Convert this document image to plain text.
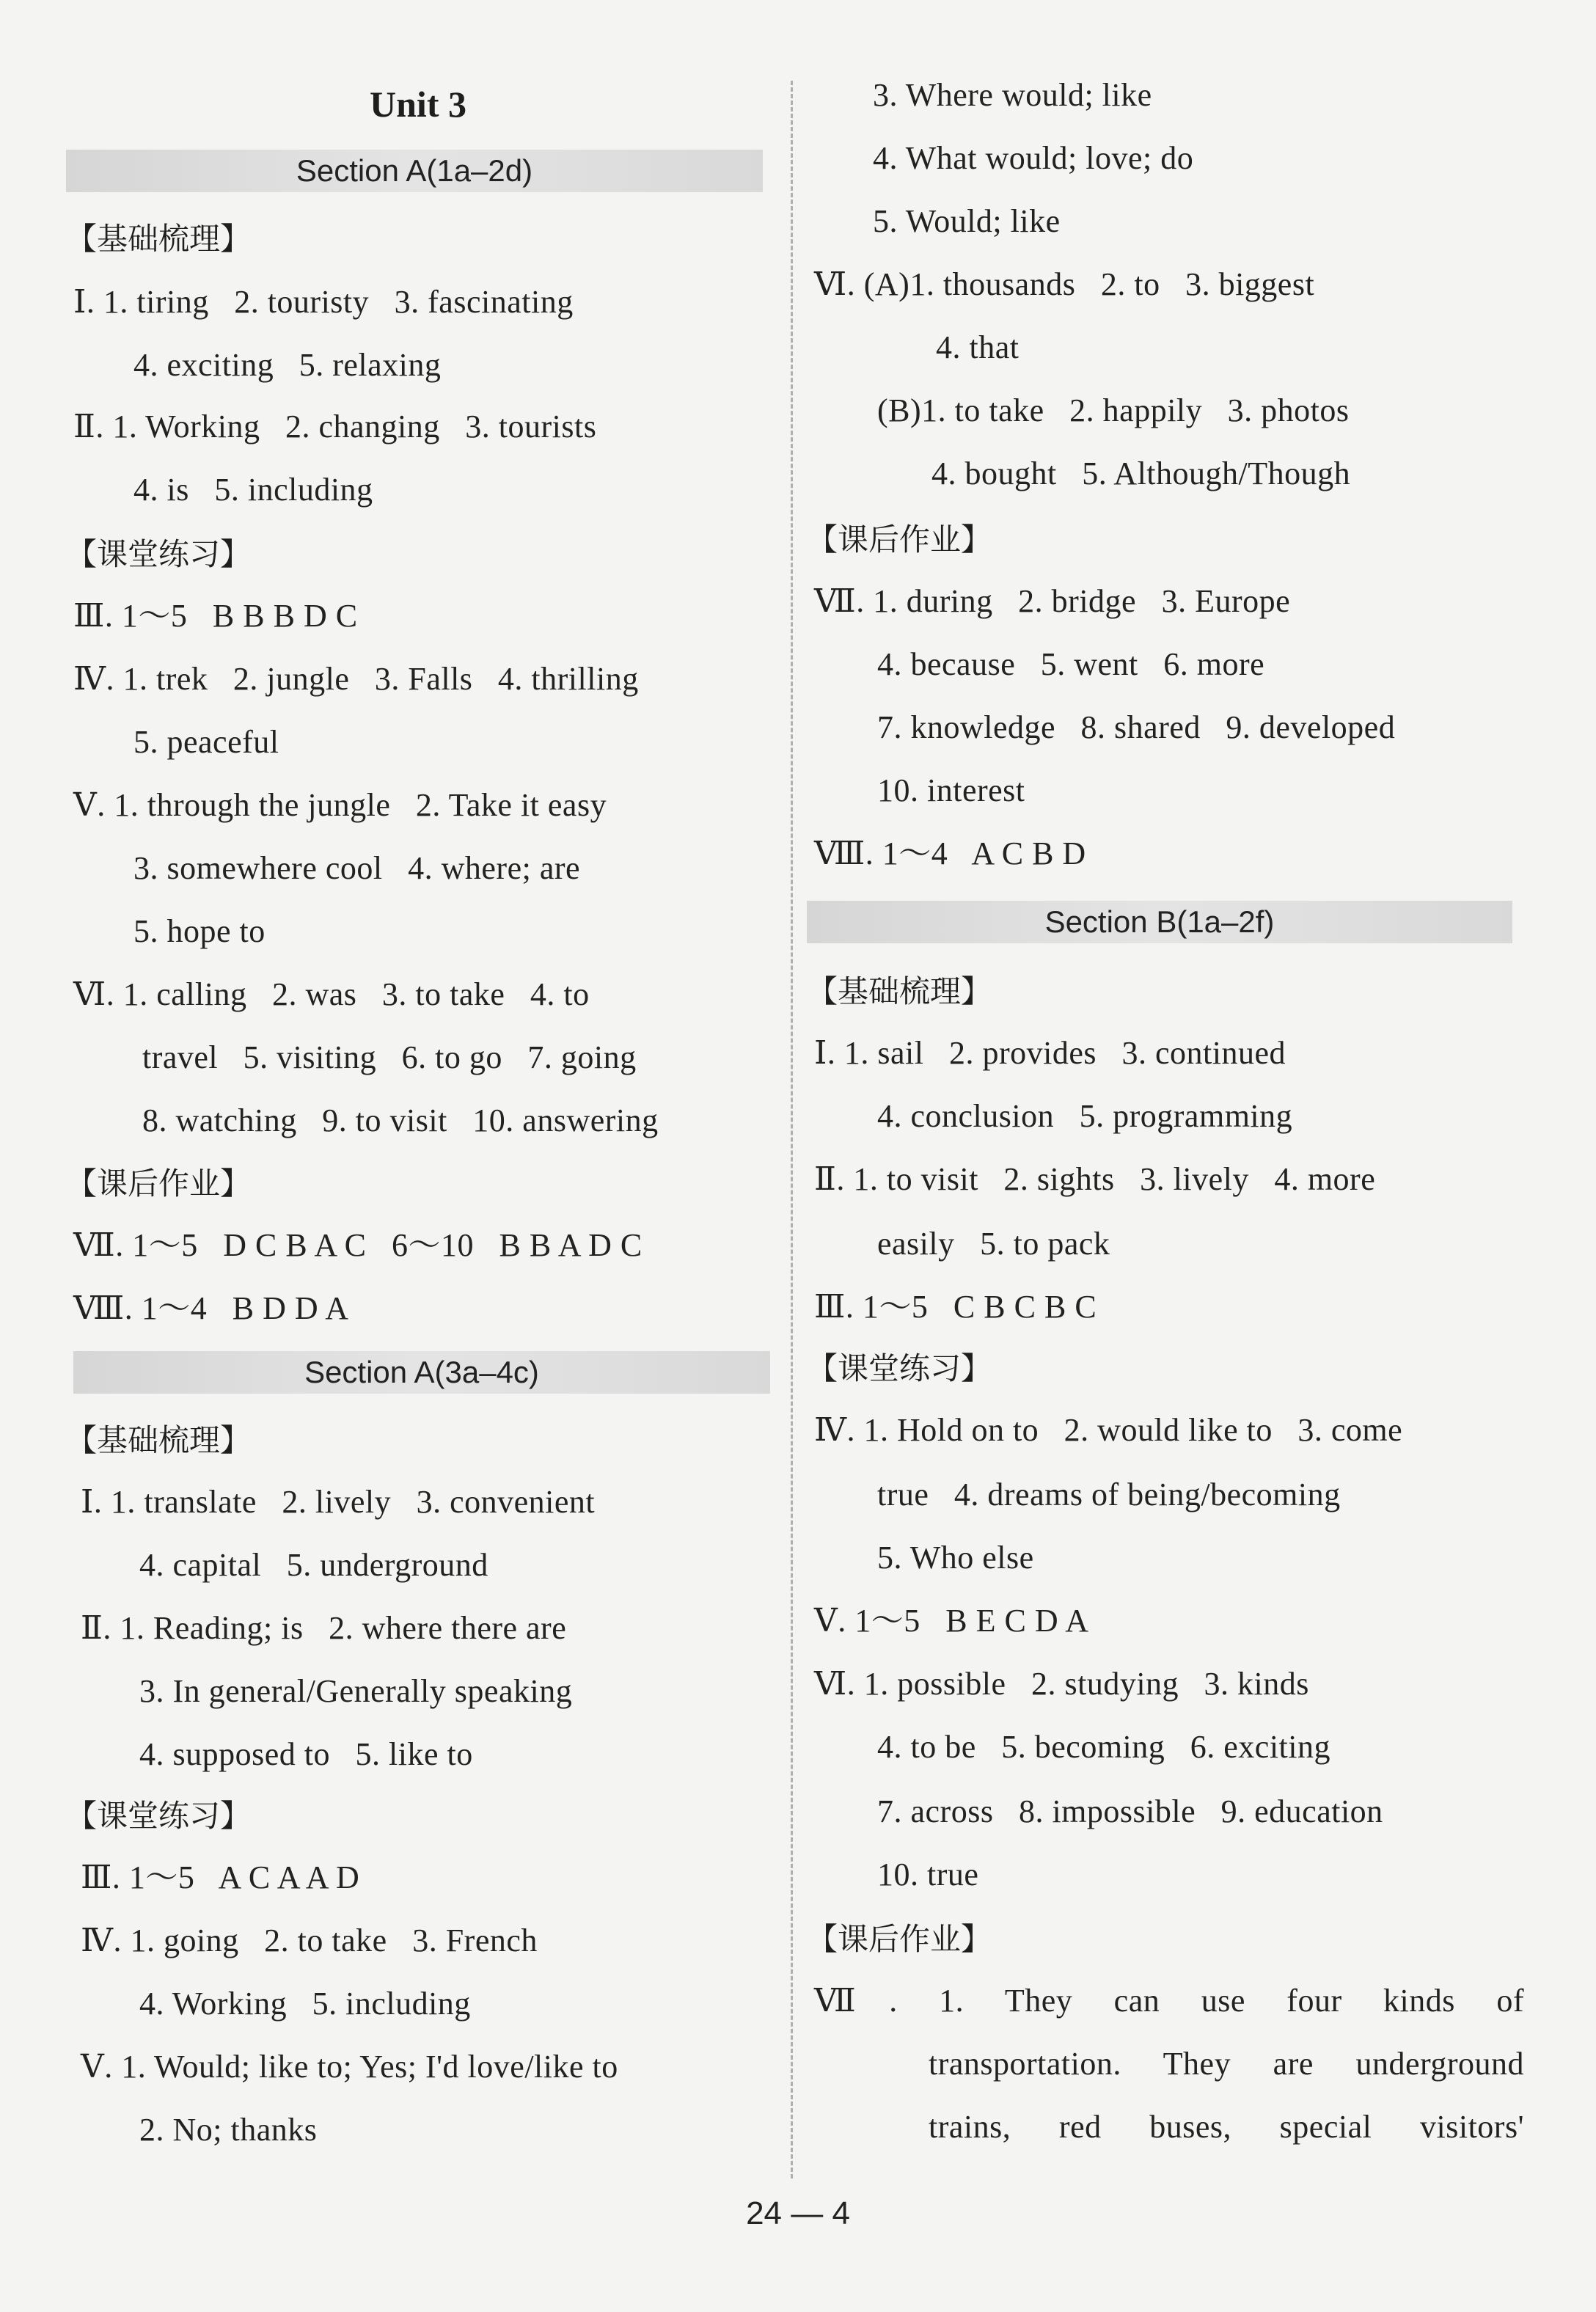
Unit 3
Section A(1a–2d)
【基础梳理】
Ⅰ. 1. tiring   2. touristy   3. fascinating
4. exciting   5. relaxing
Ⅱ. 1. Working   2. changing   3. tourists
4. is   5. including
【课堂练习】
Ⅲ. 1～5   B B B D C
Ⅳ. 1. trek   2. jungle   3. Falls   4. thrilling
5. peaceful
Ⅴ. 1. through the jungle   2. Take it easy
3. somewhere cool   4. where; are
5. hope to
Ⅵ. 1. calling   2. was   3. to take   4. to
travel   5. visiting   6. to go   7. going
8. watching   9. to visit   10. answering
【课后作业】
Ⅶ. 1～5   D C B A C   6～10   B B A D C
Ⅷ. 1～4   B D D A
Section A(3a–4c)
【基础梳理】
Ⅰ. 1. translate   2. lively   3. convenient
4. capital   5. underground
Ⅱ. 1. Reading; is   2. where there are
3. In general/Generally speaking
4. supposed to   5. like to
【课堂练习】
Ⅲ. 1～5   A C A A D
Ⅳ. 1. going   2. to take   3. French
4. Working   5. including
Ⅴ. 1. Would; like to; Yes; I'd love/like to
2. No; thanks
3. Where would; like
4. What would; love; do
5. Would; like
Ⅵ. (A)1. thousands   2. to   3. biggest
4. that
(B)1. to take   2. happily   3. photos
4. bought   5. Although/Though
【课后作业】
Ⅶ. 1. during   2. bridge   3. Europe
4. because   5. went   6. more
7. knowledge   8. shared   9. developed
10. interest
Ⅷ. 1～4   A C B D
Section B(1a–2f)
【基础梳理】
Ⅰ. 1. sail   2. provides   3. continued
4. conclusion   5. programming
Ⅱ. 1. to visit   2. sights   3. lively   4. more
easily   5. to pack
Ⅲ. 1～5   C B C B C
【课堂练习】
Ⅳ. 1. Hold on to   2. would like to   3. come
true   4. dreams of being/becoming
5. Who else
Ⅴ. 1～5   B E C D A
Ⅵ. 1. possible   2. studying   3. kinds
4. to be   5. becoming   6. exciting
7. across   8. impossible   9. education
10. true
【课后作业】
Ⅶ. 1. They can use four kinds of
transportation. They are underground
trains, red buses, special visitors'
24 — 4
